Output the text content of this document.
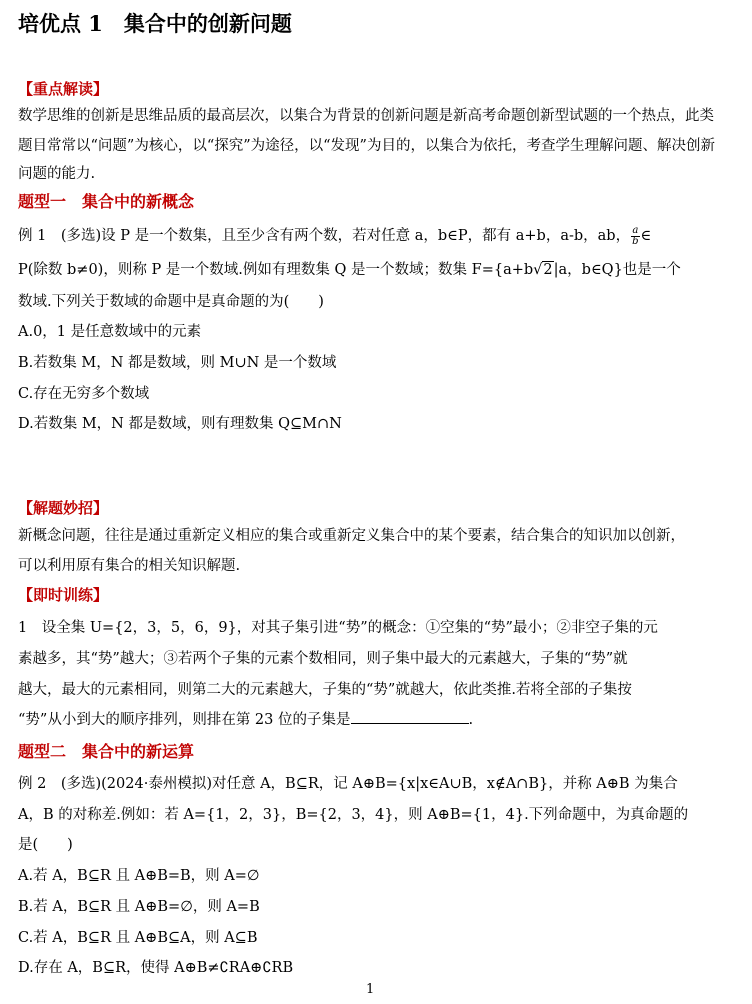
培优点 1　集合中的创新问题
【重点解读】
数学思维的创新是思维品质的最高层次，以集合为背景的创新问题是新高考命题创新型试题的一个热点，此类
题目常常以“问题”为核心，以“探究”为途径，以“发现”为目的，以集合为依托，考查学生理解问题、解决创新
问题的能力.
题型一　集合中的新概念
例 1　(多选)设 P 是一个数集，且至少含有两个数，若对任意 a，b∈P，都有 a+b，a-b，ab， $\frac{a}{b}$ ∈
P(除数 b≠0)，则称 P 是一个数域.例如有理数集 Q 是一个数域；数集 F={a+b√2|a，b∈Q}也是一个
数域.下列关于数域的命题中是真命题的为(　　)
A.0，1 是任意数域中的元素
B.若数集 M，N 都是数域，则 M∪N 是一个数域
C.存在无穷多个数域
D.若数集 M，N 都是数域，则有理数集 Q⊆M∩N
【解题妙招】
新概念问题，往往是通过重新定义相应的集合或重新定义集合中的某个要素，结合集合的知识加以创新，
可以利用原有集合的相关知识解题.
【即时训练】
1　设全集 U={2，3，5，6，9}，对其子集引进“势”的概念：①空集的“势”最小；②非空子集的元
素越多，其“势”越大；③若两个子集的元素个数相同，则子集中最大的元素越大，子集的“势”就
越大，最大的元素相同，则第二大的元素越大，子集的“势”就越大，依此类推.若将全部的子集按
“势”从小到大的顺序排列，则排在第 23 位的子集是	.
题型二　集合中的新运算
例 2　(多选)(2024·泰州模拟)对任意 A，B⊆R，记 A⊕B={x|x∈A∪B，x∉A∩B}，并称 A⊕B 为集合
A，B 的对称差.例如：若 A={1，2，3}，B={2，3，4}，则 A⊕B={1，4}.下列命题中，为真命题的
是(　　)
A.若 A，B⊆R 且 A⊕B=B，则 A=∅
B.若 A，B⊆R 且 A⊕B=∅，则 A=B
C.若 A，B⊆R 且 A⊕B⊆A，则 A⊆B
D.存在 A，B⊆R，使得 A⊕B≠∁RA⊕∁RB
1
